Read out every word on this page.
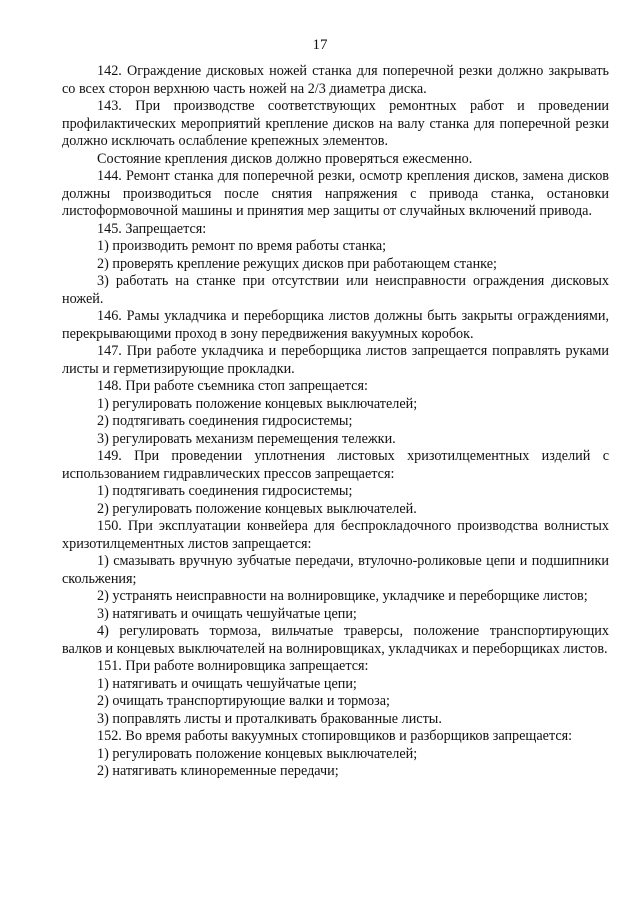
17

142. Ограждение дисковых ножей станка для поперечной резки должно закрывать со всех сторон верхнюю часть ножей на 2/3 диаметра диска.

143. При производстве соответствующих ремонтных работ и проведении профилактических мероприятий крепление дисков на валу станка для поперечной резки должно исключать ослабление крепежных элементов.

Состояние крепления дисков должно проверяться ежесменно.

144. Ремонт станка для поперечной резки, осмотр крепления дисков, замена дисков должны производиться после снятия напряжения с привода станка, остановки листоформовочной машины и принятия мер защиты от случайных включений привода.

145. Запрещается:

1) производить ремонт по время работы станка;

2) проверять крепление режущих дисков при работающем станке;

3) работать на станке при отсутствии или неисправности ограждения дисковых ножей.

146. Рамы укладчика и переборщика листов должны быть закрыты ограждениями, перекрывающими проход в зону передвижения вакуумных коробок.

147. При работе укладчика и переборщика листов запрещается поправлять руками листы и герметизирующие прокладки.

148. При работе съемника стоп запрещается:

1) регулировать положение концевых выключателей;

2) подтягивать соединения гидросистемы;

3) регулировать механизм перемещения тележки.

149. При проведении уплотнения листовых хризотилцементных изделий с использованием гидравлических прессов запрещается:

1) подтягивать соединения гидросистемы;

2) регулировать положение концевых выключателей.

150. При эксплуатации конвейера для беспрокладочного производства волнистых хризотилцементных листов запрещается:

1) смазывать вручную зубчатые передачи, втулочно-роликовые цепи и подшипники скольжения;

2) устранять неисправности на волнировщике, укладчике и переборщике листов;

3) натягивать и очищать чешуйчатые цепи;

4) регулировать тормоза, вильчатые траверсы, положение транспортирующих валков и концевых выключателей на волнировщиках, укладчиках и переборщиках листов.

151. При работе волнировщика запрещается:

1) натягивать и очищать чешуйчатые цепи;

2) очищать транспортирующие валки и тормоза;

3) поправлять листы и проталкивать бракованные листы.

152. Во время работы вакуумных стопировщиков и разборщиков запрещается:

1) регулировать положение концевых выключателей;

2) натягивать клиноременные передачи;
